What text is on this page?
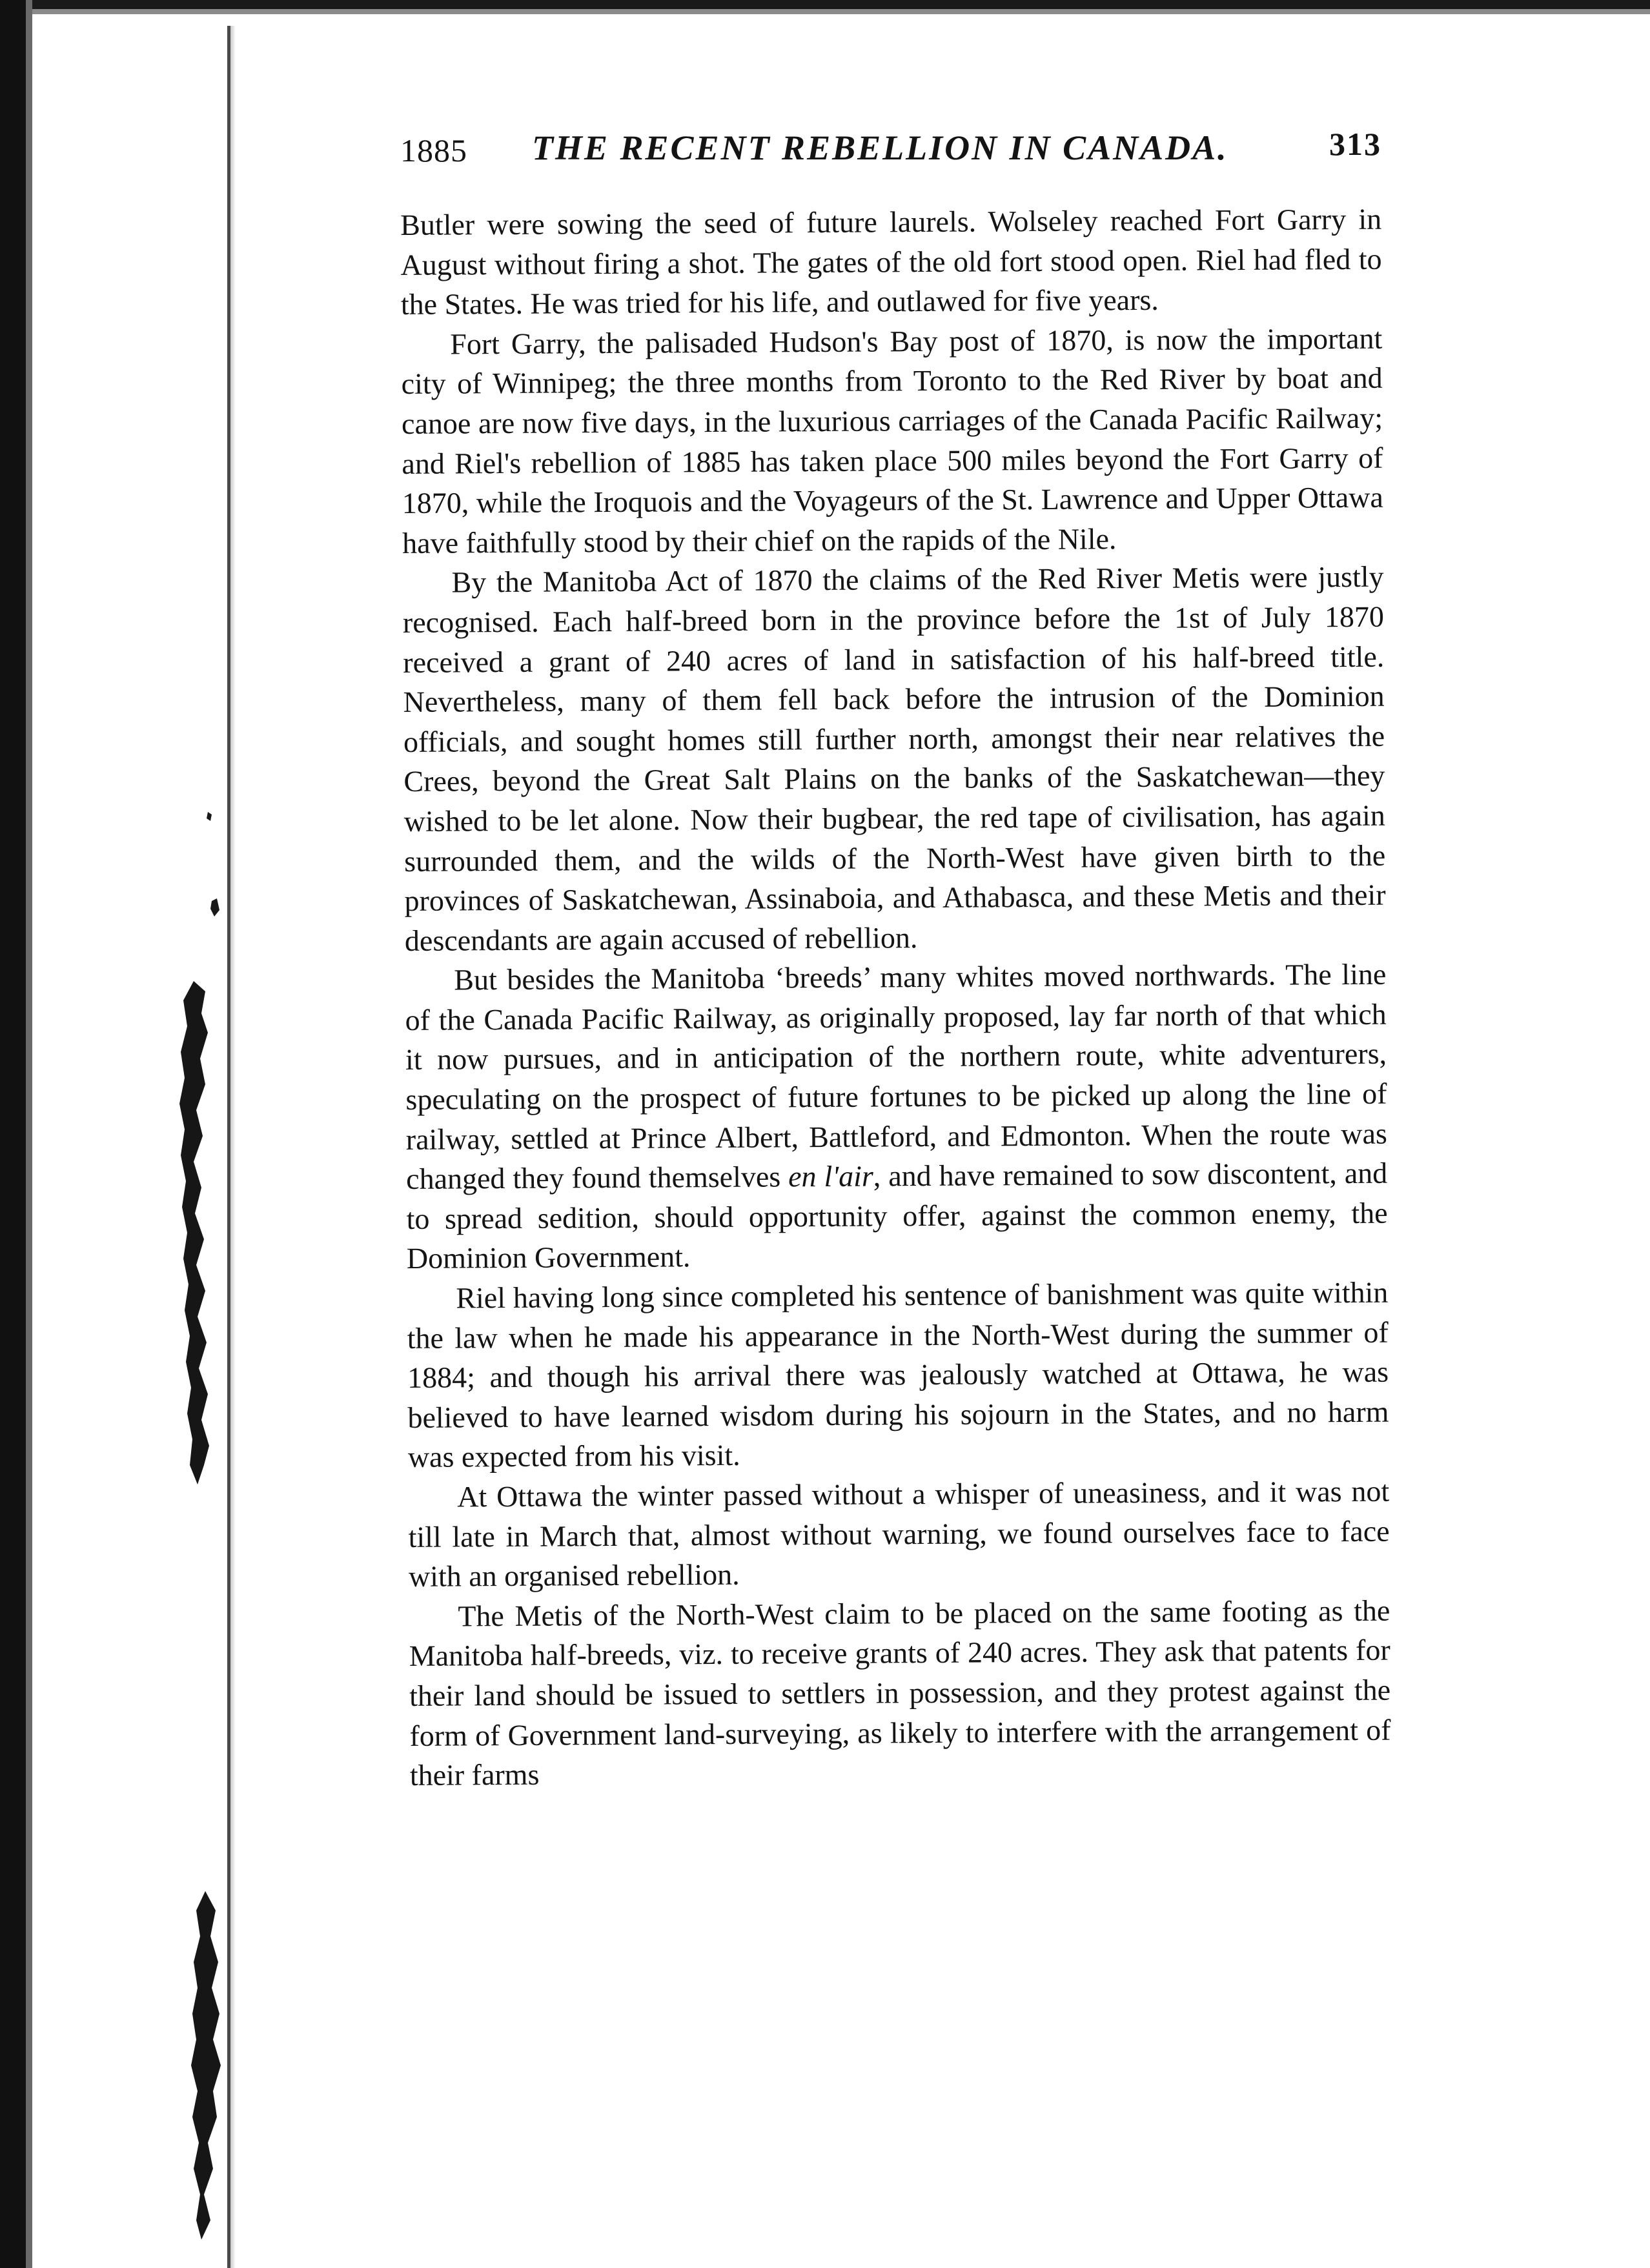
1885 THE RECENT REBELLION IN CANADA.	313

Butler were sowing the seed of future laurels. Wolseley reached Fort Garry in August without firing a shot. The gates of the old fort stood open. Riel had fled to the States. He was tried for his life, and outlawed for five years.

Fort Garry, the palisaded Hudson's Bay post of 1870, is now the important city of Winnipeg; the three months from Toronto to the Red River by boat and canoe are now five days, in the luxurious carriages of the Canada Pacific Railway; and Riel's rebellion of 1885 has taken place 500 miles beyond the Fort Garry of 1870, while the Iroquois and the Voyageurs of the St. Lawrence and Upper Ottawa have faithfully stood by their chief on the rapids of the Nile.

By the Manitoba Act of 1870 the claims of the Red River Metis were justly recognised. Each half-breed born in the province before the 1st of July 1870 received a grant of 240 acres of land in satisfaction of his half-breed title. Nevertheless, many of them fell back before the intrusion of the Dominion officials, and sought homes still further north, amongst their near relatives the Crees, beyond the Great Salt Plains on the banks of the Saskatchewan—they wished to be let alone. Now their bugbear, the red tape of civilisation, has again surrounded them, and the wilds of the North-West have given birth to the provinces of Saskatchewan, Assinaboia, and Athabasca, and these Metis and their descendants are again accused of rebellion.

But besides the Manitoba ‘breeds’ many whites moved northwards. The line of the Canada Pacific Railway, as originally proposed, lay far north of that which it now pursues, and in anticipation of the northern route, white adventurers, speculating on the prospect of future fortunes to be picked up along the line of railway, settled at Prince Albert, Battleford, and Edmonton. When the route was changed they found themselves en l'air, and have remained to sow discontent, and to spread sedition, should opportunity offer, against the common enemy, the Dominion Government.

Riel having long since completed his sentence of banishment was quite within the law when he made his appearance in the North-West during the summer of 1884; and though his arrival there was jealously watched at Ottawa, he was believed to have learned wisdom during his sojourn in the States, and no harm was expected from his visit.

At Ottawa the winter passed without a whisper of uneasiness, and it was not till late in March that, almost without warning, we found ourselves face to face with an organised rebellion.

The Metis of the North-West claim to be placed on the same footing as the Manitoba half-breeds, viz. to receive grants of 240 acres. They ask that patents for their land should be issued to settlers in possession, and they protest against the form of Government land-surveying, as likely to interfere with the arrangement of their farms
